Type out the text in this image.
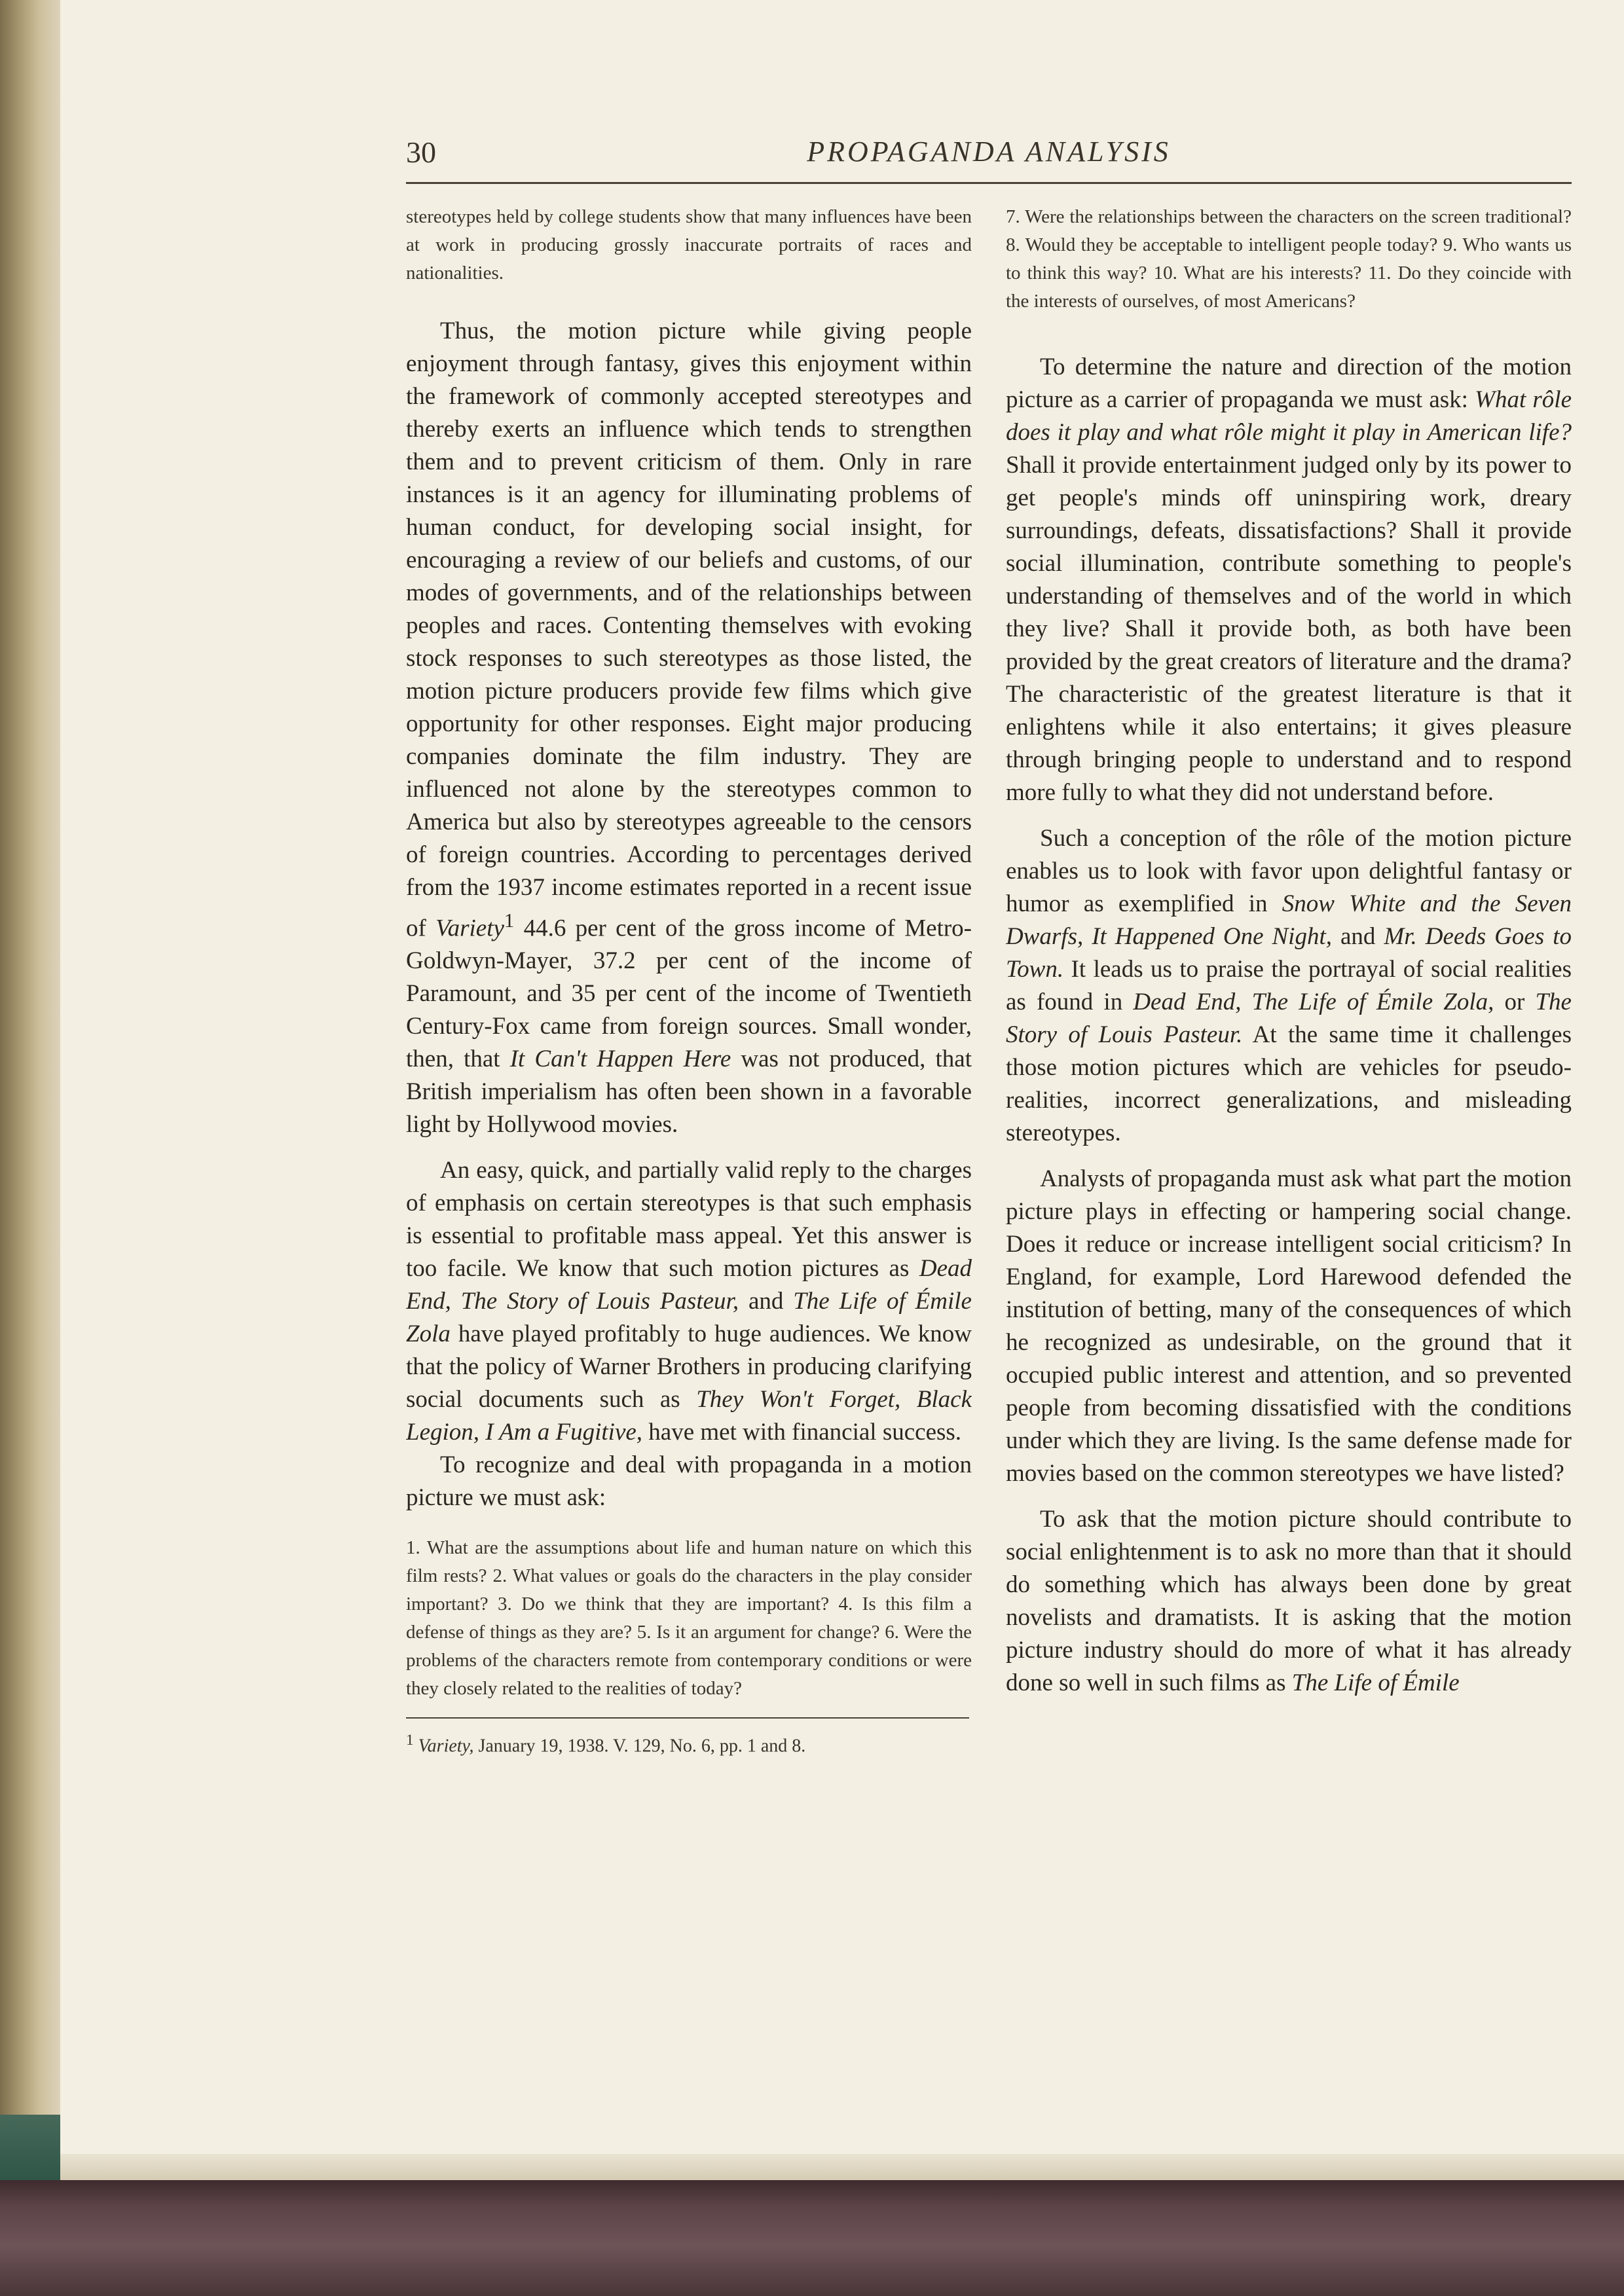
30	PROPAGANDA ANALYSIS

stereotypes held by college students show that many influences have been at work in producing grossly inaccurate portraits of races and nationalities.

Thus, the motion picture while giving people enjoyment through fantasy, gives this enjoyment within the framework of commonly accepted stereotypes and thereby exerts an influence which tends to strengthen them and to prevent criticism of them. Only in rare instances is it an agency for illuminating problems of human conduct, for developing social insight, for encouraging a review of our beliefs and customs, of our modes of governments, and of the relationships between peoples and races. Contenting themselves with evoking stock responses to such stereotypes as those listed, the motion picture producers provide few films which give opportunity for other responses. Eight major producing companies dominate the film industry. They are influenced not alone by the stereotypes common to America but also by stereotypes agreeable to the censors of foreign countries. According to percentages derived from the 1937 income estimates reported in a recent issue of Variety$^1$ 44.6 per cent of the gross income of Metro-Goldwyn-Mayer, 37.2 per cent of the income of Paramount, and 35 per cent of the income of Twentieth Century-Fox came from foreign sources. Small wonder, then, that It Can't Happen Here was not produced, that British imperialism has often been shown in a favorable light by Hollywood movies.

An easy, quick, and partially valid reply to the charges of emphasis on certain stereotypes is that such emphasis is essential to profitable mass appeal. Yet this answer is too facile. We know that such motion pictures as Dead End, The Story of Louis Pasteur, and The Life of Émile Zola have played profitably to huge audiences. We know that the policy of Warner Brothers in producing clarifying social documents such as They Won't Forget, Black Legion, I Am a Fugitive, have met with financial success.

To recognize and deal with propaganda in a motion picture we must ask:

1. What are the assumptions about life and human nature on which this film rests? 2. What values or goals do the characters in the play consider important? 3. Do we think that they are important? 4. Is this film a defense of things as they are? 5. Is it an argument for change? 6. Were the problems of the characters remote from contemporary conditions or were they closely related to the realities of today?

$^1$ Variety, January 19, 1938. V. 129, No. 6, pp. 1 and 8.

7. Were the relationships between the characters on the screen traditional? 8. Would they be acceptable to intelligent people today? 9. Who wants us to think this way? 10. What are his interests? 11. Do they coincide with the interests of ourselves, of most Americans?

To determine the nature and direction of the motion picture as a carrier of propaganda we must ask: What rôle does it play and what rôle might it play in American life? Shall it provide entertainment judged only by its power to get people's minds off uninspiring work, dreary surroundings, defeats, dissatisfactions? Shall it provide social illumination, contribute something to people's understanding of themselves and of the world in which they live? Shall it provide both, as both have been provided by the great creators of literature and the drama? The characteristic of the greatest literature is that it enlightens while it also entertains; it gives pleasure through bringing people to understand and to respond more fully to what they did not understand before.

Such a conception of the rôle of the motion picture enables us to look with favor upon delightful fantasy or humor as exemplified in Snow White and the Seven Dwarfs, It Happened One Night, and Mr. Deeds Goes to Town. It leads us to praise the portrayal of social realities as found in Dead End, The Life of Émile Zola, or The Story of Louis Pasteur. At the same time it challenges those motion pictures which are vehicles for pseudo-realities, incorrect generalizations, and misleading stereotypes.

Analysts of propaganda must ask what part the motion picture plays in effecting or hampering social change. Does it reduce or increase intelligent social criticism? In England, for example, Lord Harewood defended the institution of betting, many of the consequences of which he recognized as undesirable, on the ground that it occupied public interest and attention, and so prevented people from becoming dissatisfied with the conditions under which they are living. Is the same defense made for movies based on the common stereotypes we have listed?

To ask that the motion picture should contribute to social enlightenment is to ask no more than that it should do something which has always been done by great novelists and dramatists. It is asking that the motion picture industry should do more of what it has already done so well in such films as The Life of Émile
